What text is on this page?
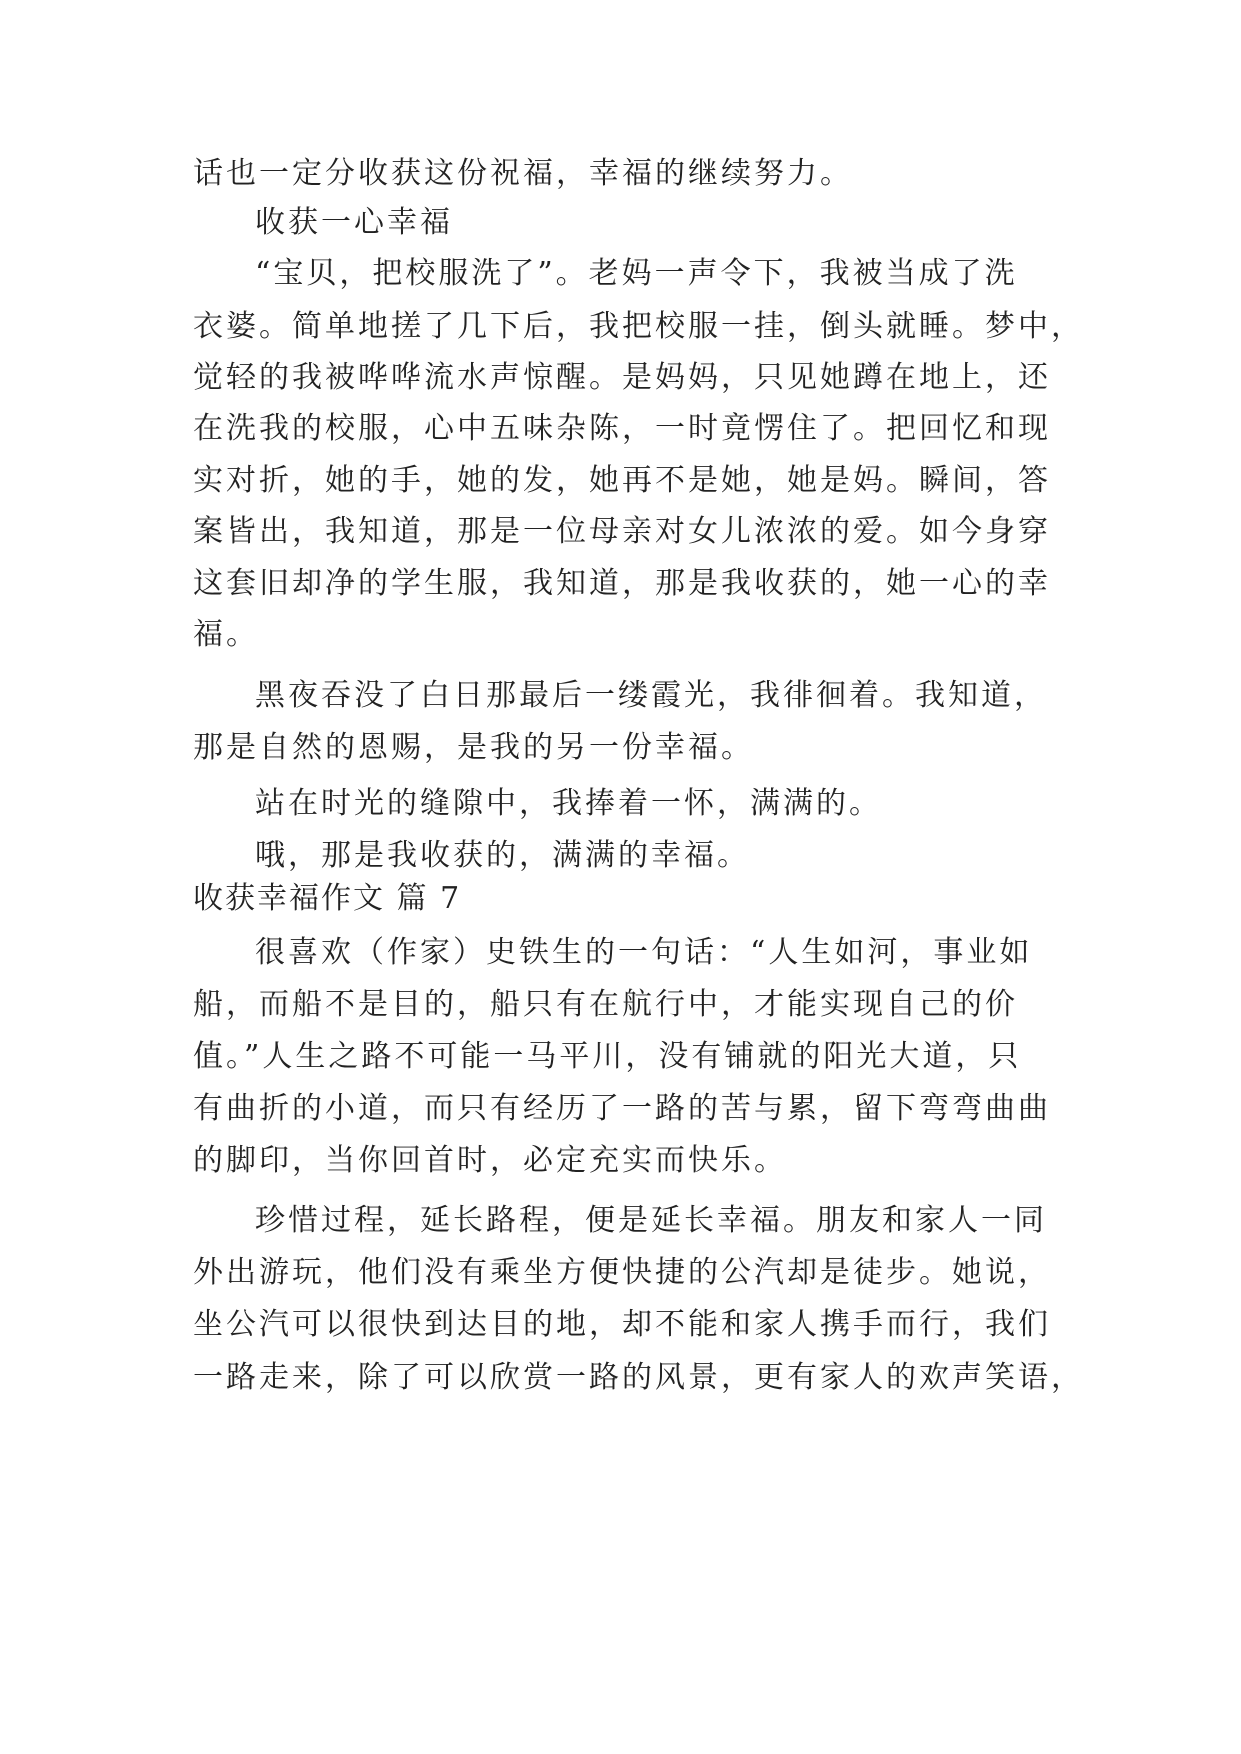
话也一定分收获这份祝福，幸福的继续努力。
收获一心幸福
“宝贝，把校服洗了”。老妈一声令下，我被当成了洗
衣婆。简单地搓了几下后，我把校服一挂，倒头就睡。梦中，
觉轻的我被哗哗流水声惊醒。是妈妈，只见她蹲在地上，还
在洗我的校服，心中五味杂陈，一时竟愣住了。把回忆和现
实对折，她的手，她的发，她再不是她，她是妈。瞬间，答
案皆出，我知道，那是一位母亲对女儿浓浓的爱。如今身穿
这套旧却净的学生服，我知道，那是我收获的，她一心的幸
福。
黑夜吞没了白日那最后一缕霞光，我徘徊着。我知道，
那是自然的恩赐，是我的另一份幸福。
站在时光的缝隙中，我捧着一怀，满满的。
哦，那是我收获的，满满的幸福。
收获幸福作文 篇 7
很喜欢（作家）史铁生的一句话：“人生如河，事业如
船，而船不是目的，船只有在航行中，才能实现自己的价
值。”人生之路不可能一马平川，没有铺就的阳光大道，只
有曲折的小道，而只有经历了一路的苦与累，留下弯弯曲曲
的脚印，当你回首时，必定充实而快乐。
珍惜过程，延长路程，便是延长幸福。朋友和家人一同
外出游玩，他们没有乘坐方便快捷的公汽却是徒步。她说，
坐公汽可以很快到达目的地，却不能和家人携手而行，我们
一路走来，除了可以欣赏一路的风景，更有家人的欢声笑语，
